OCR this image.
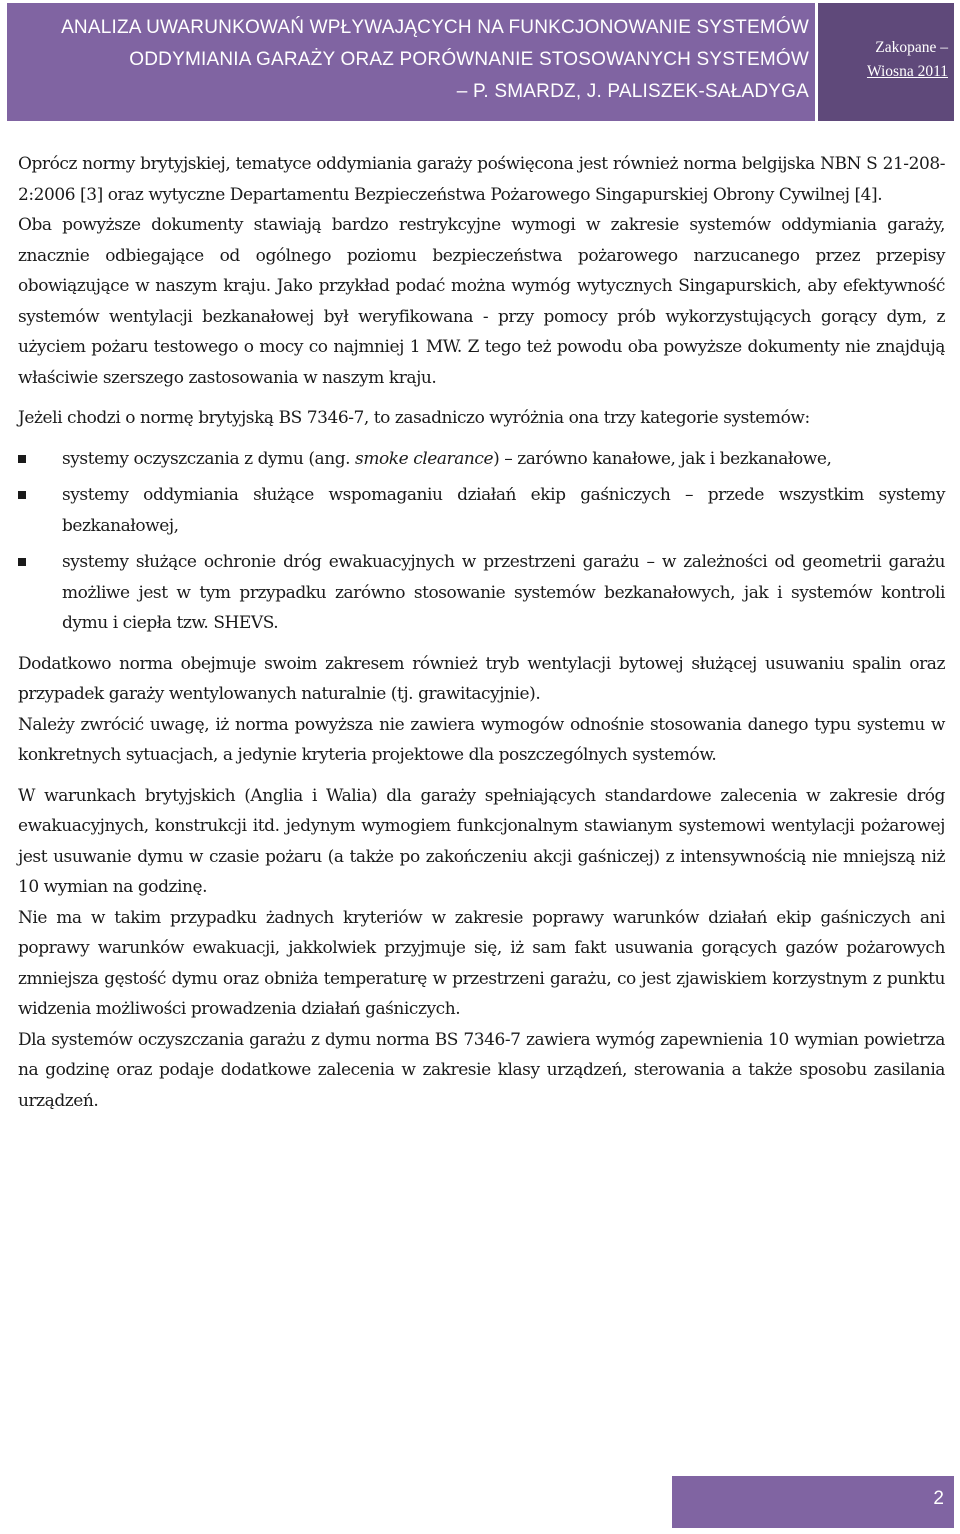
ANALIZA UWARUNKOWAŃ WPŁYWAJĄCYCH NA FUNKCJONOWANIE SYSTEMÓW
ODDYMIANIA GARAŻY ORAZ PORÓWNANIE STOSOWANYCH SYSTEMÓW
– P. SMARDZ, J. PALISZEK-SAŁADYGA
Zakopane –
Wiosna 2011

Oprócz normy brytyjskiej, tematyce oddymiania garaży poświęcona jest również norma belgijska NBN S 21-208-2:2006 [3] oraz wytyczne Departamentu Bezpieczeństwa Pożarowego Singapurskiej Obrony Cywilnej [4].

Oba powyższe dokumenty stawiają bardzo restrykcyjne wymogi w zakresie systemów oddymiania garaży, znacznie odbiegające od ogólnego poziomu bezpieczeństwa pożarowego narzucanego przez przepisy obowiązujące w naszym kraju. Jako przykład podać można wymóg wytycznych Singapurskich, aby efektywność systemów wentylacji bezkanałowej był weryfikowana - przy pomocy prób wykorzystujących gorący dym, z użyciem pożaru testowego o mocy co najmniej 1 MW. Z tego też powodu oba powyższe dokumenty nie znajdują właściwie szerszego zastosowania w naszym kraju.

Jeżeli chodzi o normę brytyjską BS 7346-7, to zasadniczo wyróżnia ona trzy kategorie systemów:

systemy oczyszczania z dymu (ang. smoke clearance) – zarówno kanałowe, jak i bezkanałowe,

systemy oddymiania służące wspomaganiu działań ekip gaśniczych – przede wszystkim systemy bezkanałowej,

systemy służące ochronie dróg ewakuacyjnych w przestrzeni garażu – w zależności od geometrii garażu możliwe jest w tym przypadku zarówno stosowanie systemów bezkanałowych, jak i systemów kontroli dymu i ciepła tzw. SHEVS.

Dodatkowo norma obejmuje swoim zakresem również tryb wentylacji bytowej służącej usuwaniu spalin oraz przypadek garaży wentylowanych naturalnie (tj. grawitacyjnie).

Należy zwrócić uwagę, iż norma powyższa nie zawiera wymogów odnośnie stosowania danego typu systemu w konkretnych sytuacjach, a jedynie kryteria projektowe dla poszczególnych systemów.

W warunkach brytyjskich (Anglia i Walia) dla garaży spełniających standardowe zalecenia w zakresie dróg ewakuacyjnych, konstrukcji itd. jedynym wymogiem funkcjonalnym stawianym systemowi wentylacji pożarowej jest usuwanie dymu w czasie pożaru (a także po zakończeniu akcji gaśniczej) z intensywnością nie mniejszą niż 10 wymian na godzinę.

Nie ma w takim przypadku żadnych kryteriów w zakresie poprawy warunków działań ekip gaśniczych ani poprawy warunków ewakuacji, jakkolwiek przyjmuje się, iż sam fakt usuwania gorących gazów pożarowych zmniejsza gęstość dymu oraz obniża temperaturę w przestrzeni garażu, co jest zjawiskiem korzystnym z punktu widzenia możliwości prowadzenia działań gaśniczych.

Dla systemów oczyszczania garażu z dymu norma BS 7346-7 zawiera wymóg zapewnienia 10 wymian powietrza na godzinę oraz podaje dodatkowe zalecenia w zakresie klasy urządzeń, sterowania a także sposobu zasilania urządzeń.

2
